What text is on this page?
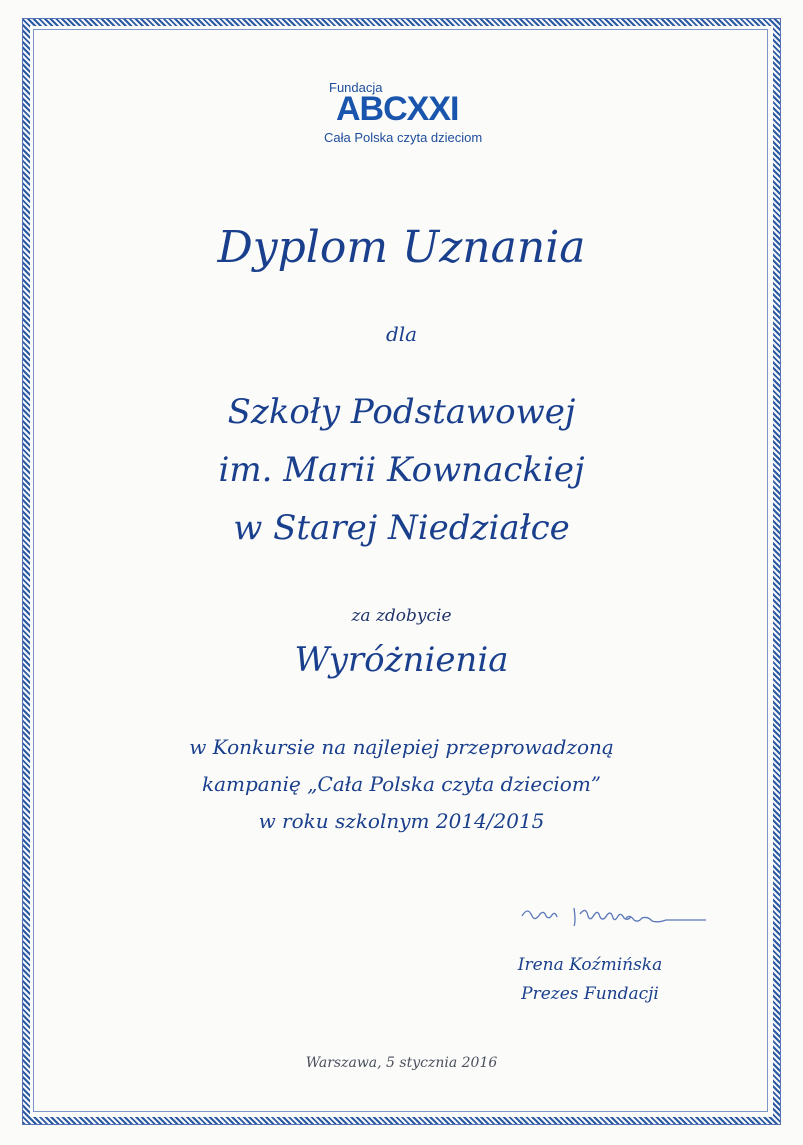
Fundacja
ABCXXI
Cała Polska czyta dzieciom
Dyplom Uznania
dla
Szkoły Podstawowej
im. Marii Kownackiej
w Starej Niedziałce
za zdobycie
Wyróżnienia
w Konkursie na najlepiej przeprowadzoną
kampanię „Cała Polska czyta dzieciom”
w roku szkolnym 2014/2015
Irena Koźmińska
Prezes Fundacji
Warszawa, 5 stycznia 2016
